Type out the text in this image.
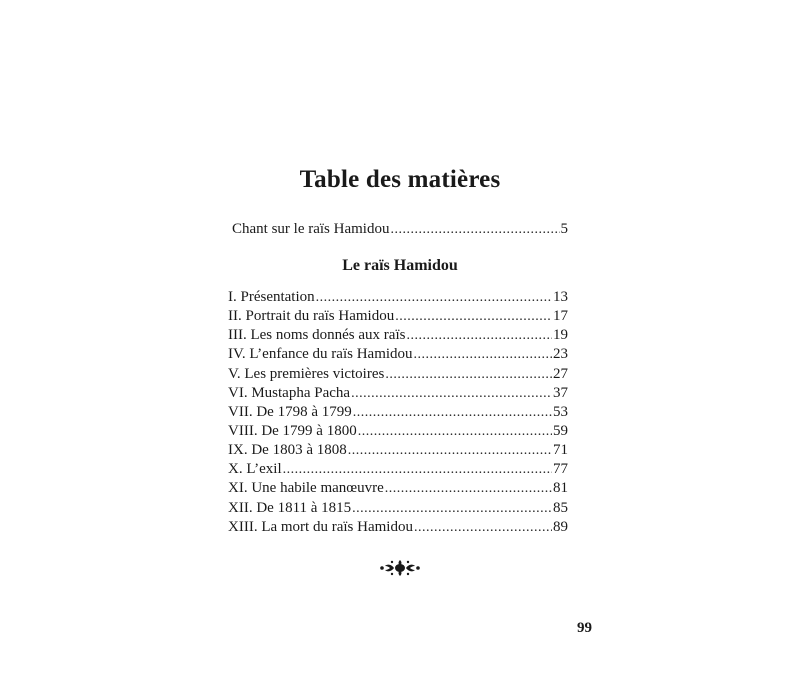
Table des matières
Chant sur le raïs Hamidou .....	5
Le raïs Hamidou
I. Présentation .....	13
II. Portrait du raïs Hamidou .....	17
III. Les noms donnés aux raïs .....	19
IV. L’enfance du raïs Hamidou .....	23
V. Les premières victoires .....	27
VI. Mustapha Pacha .....	37
VII. De 1798 à 1799 .....	53
VIII. De 1799 à 1800 .....	59
IX. De 1803 à 1808 .....	71
X. L’exil .....	77
XI. Une habile manœuvre .....	81
XII. De 1811 à 1815 .....	85
XIII. La mort du raïs Hamidou .....	89
99
